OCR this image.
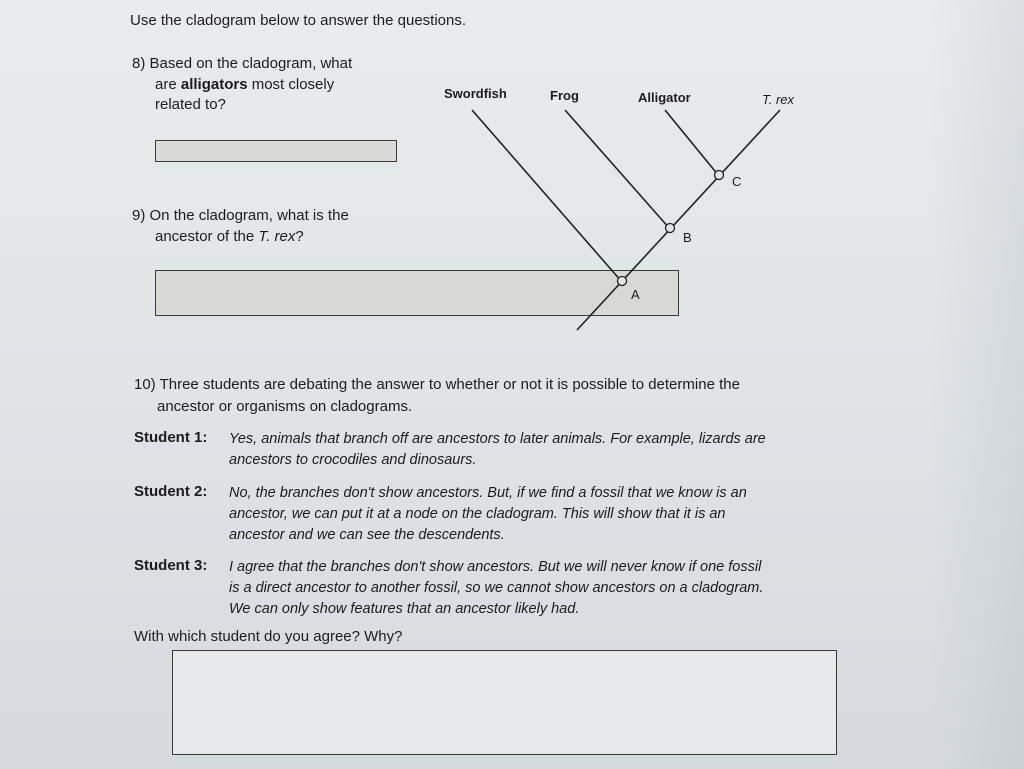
Use the cladogram below to answer the questions.
8) Based on the cladogram, what
are alligators most closely
related to?
9) On the cladogram, what is the
ancestor of the T. rex?
Swordfish	Frog	Alligator	T. rex
A
B
C
10) Three students are debating the answer to whether or not it is possible to determine the
ancestor or organisms on cladograms.
Student 1: Yes, animals that branch off are ancestors to later animals. For example, lizards are
ancestors to crocodiles and dinosaurs.
Student 2: No, the branches don't show ancestors. But, if we find a fossil that we know is an
ancestor, we can put it at a node on the cladogram. This will show that it is an
ancestor and we can see the descendents.
Student 3: I agree that the branches don't show ancestors. But we will never know if one fossil
is a direct ancestor to another fossil, so we cannot show ancestors on a cladogram.
We can only show features that an ancestor likely had.
With which student do you agree? Why?
